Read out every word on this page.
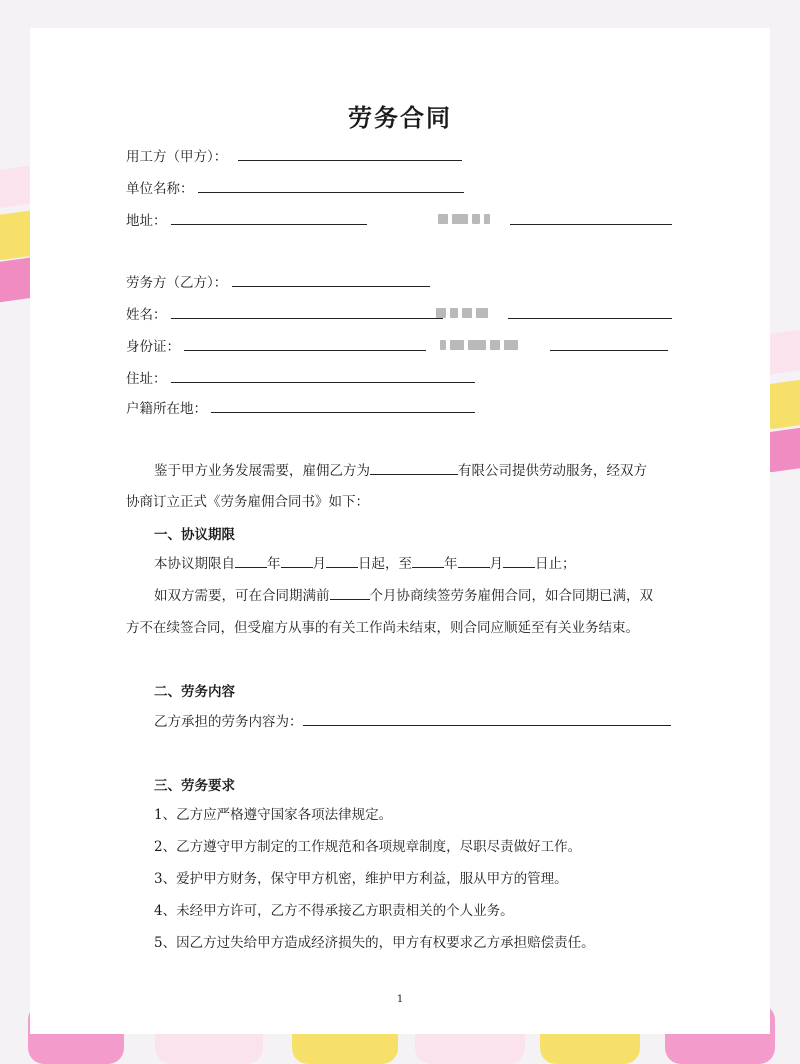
劳务合同
用工方（甲方）：
单位名称：
地址：
劳务方（乙方）：
姓名：
身份证：
住址：
户籍所在地：
鉴于甲方业务发展需要，雇佣乙方为	有限公司提供劳动服务，经双方
协商订立正式《劳务雇佣合同书》如下：
一、协议期限
本协议期限自 年 月 日起，至 年 月 日止；
如双方需要，可在合同期满前	个月协商续签劳务雇佣合同，如合同期已满，双
方不在续签合同，但受雇方从事的有关工作尚未结束，则合同应顺延至有关业务结束。
二、劳务内容
乙方承担的劳务内容为：
三、劳务要求
1、乙方应严格遵守国家各项法律规定。
2、乙方遵守甲方制定的工作规范和各项规章制度，尽职尽责做好工作。
3、爱护甲方财务，保守甲方机密，维护甲方利益，服从甲方的管理。
4、未经甲方许可，乙方不得承接乙方职责相关的个人业务。
5、因乙方过失给甲方造成经济损失的，甲方有权要求乙方承担赔偿责任。
1
